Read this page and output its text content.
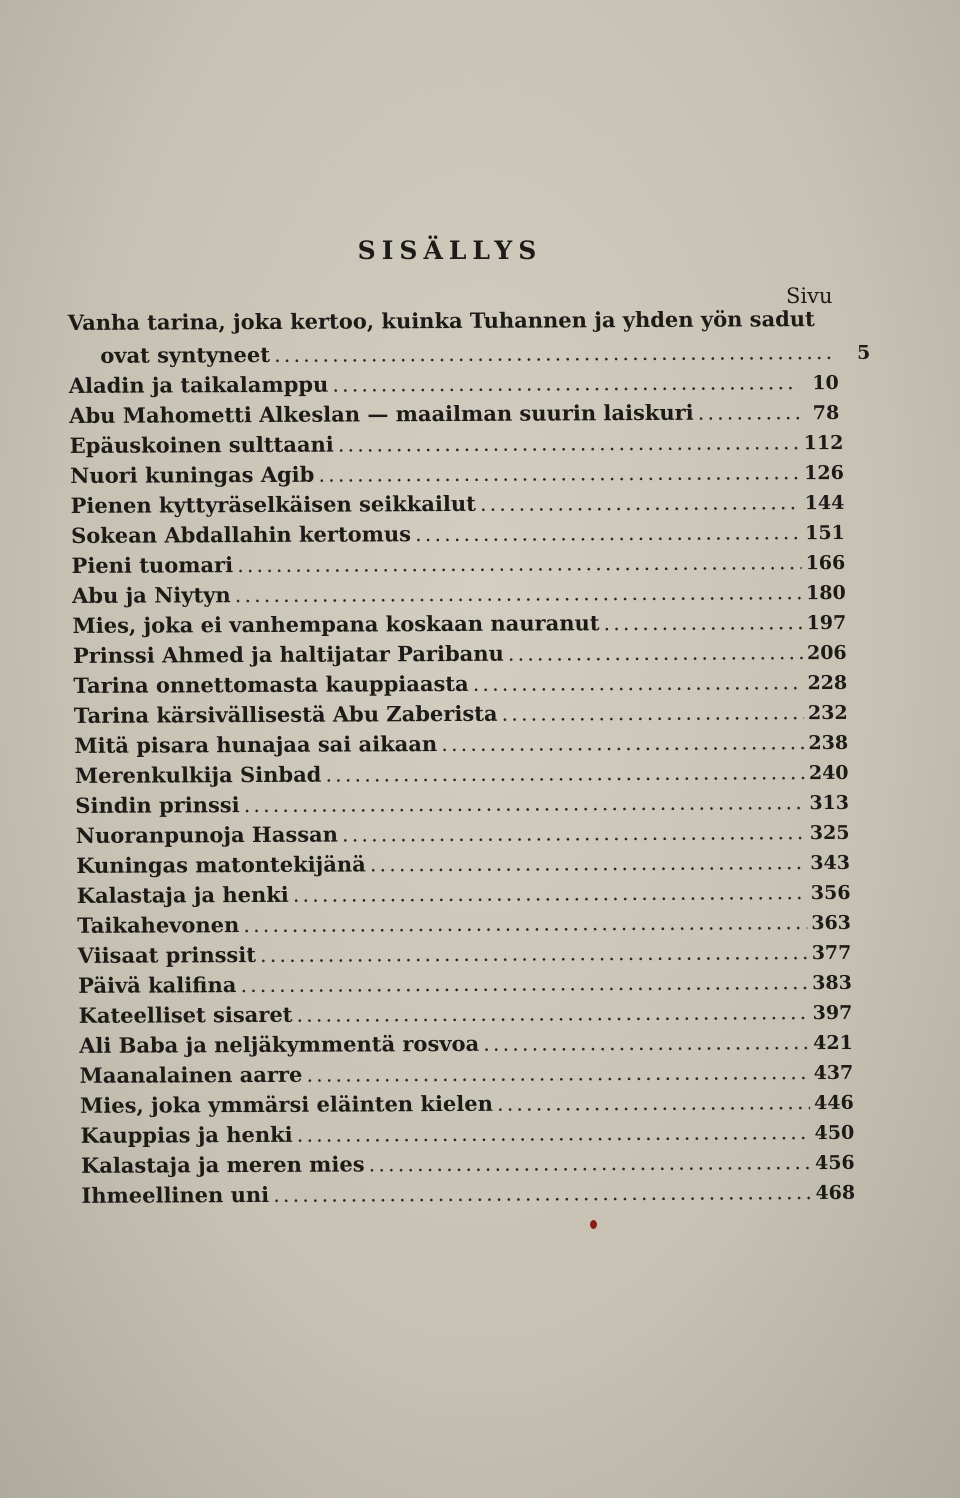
SISÄLLYS
Sivu
Vanha tarina, joka kertoo, kuinka Tuhannen ja yhden yön sadut
ovat syntyneet .....	5
Aladin ja taikalamppu .....	10
Abu Mahometti Alkeslan — maailman suurin laiskuri .....	78
Epäuskoinen sulttaani .....	112
Nuori kuningas Agib .....	126
Pienen kyttyräselkäisen seikkailut .....	144
Sokean Abdallahin kertomus .....	151
Pieni tuomari .....	166
Abu ja Niytyn .....	180
Mies, joka ei vanhempana koskaan nauranut .....	197
Prinssi Ahmed ja haltijatar Paribanu .....	206
Tarina onnettomasta kauppiaasta .....	228
Tarina kärsivällisestä Abu Zaberista .....	232
Mitä pisara hunajaa sai aikaan .....	238
Merenkulkija Sinbad .....	240
Sindin prinssi .....	313
Nuoranpunoja Hassan .....	325
Kuningas matontekijänä .....	343
Kalastaja ja henki .....	356
Taikahevonen .....	363
Viisaat prinssit .....	377
Päivä kalifina .....	383
Kateelliset sisaret .....	397
Ali Baba ja neljäkymmentä rosvoa .....	421
Maanalainen aarre .....	437
Mies, joka ymmärsi eläinten kielen .....	446
Kauppias ja henki .....	450
Kalastaja ja meren mies .....	456
Ihmeellinen uni .....	468
